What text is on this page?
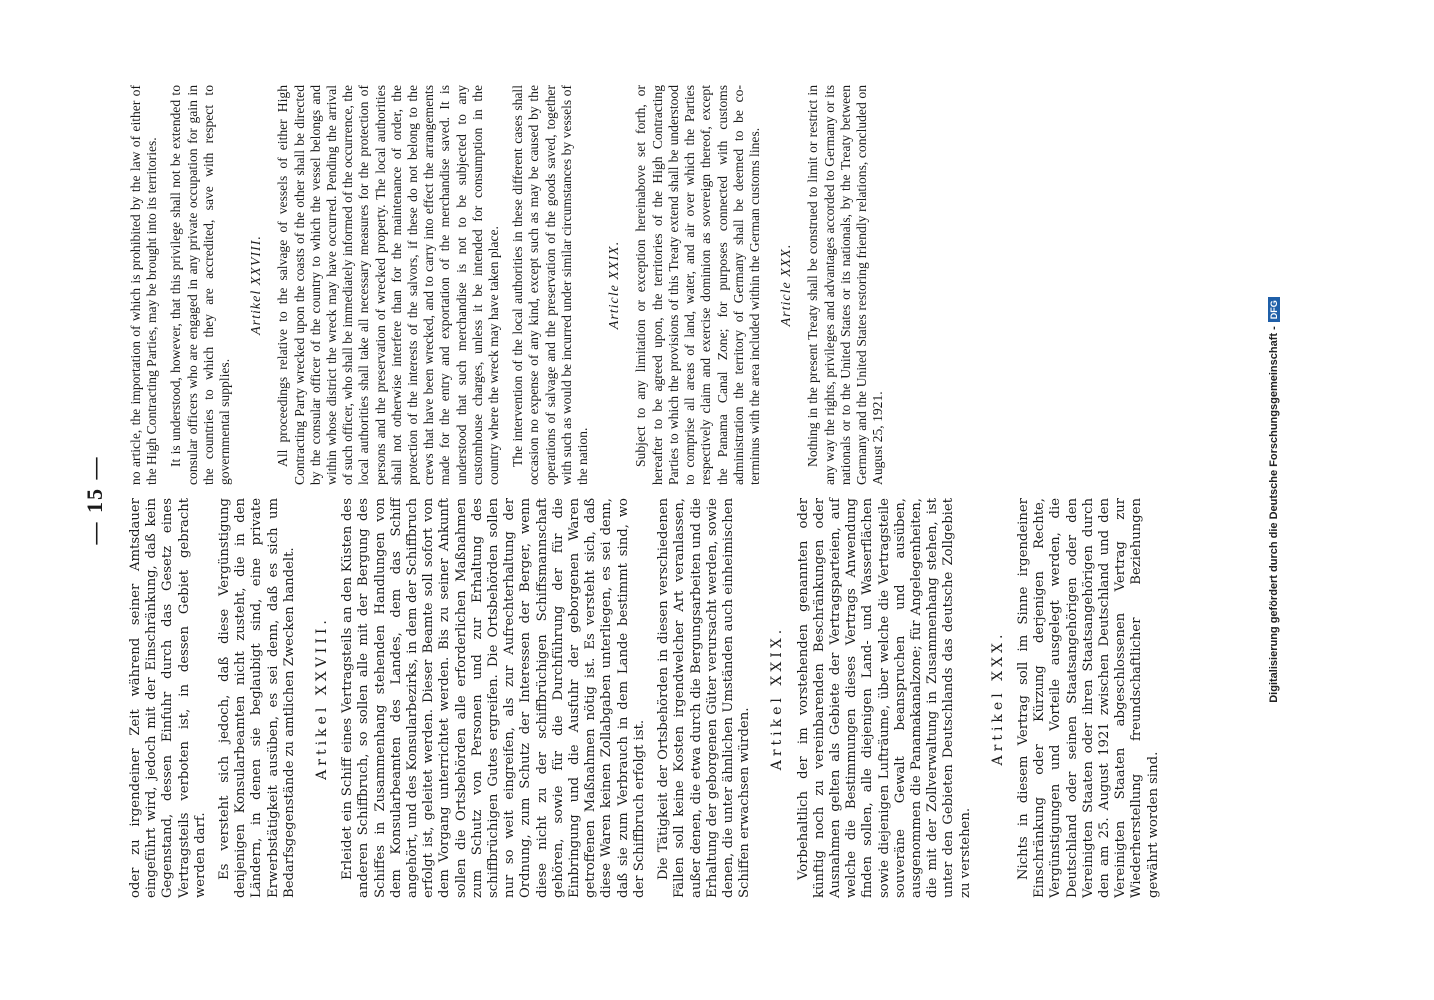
— 15 — oder zu irgendeiner Zeit während seiner Amtsdauer eingeführt wird, jedoch mit der Einschränkung, daß kein Gegenstand, dessen Einfuhr durch das Gesetz eines Vertragsteils verboten ist, in dessen Gebiet gebracht werden darf. Es versteht sich jedoch, daß diese Vergünstigung denjenigen Konsularbeamten nicht zusteht, die in den Ländern, in denen sie beglaubigt sind, eine private Erwerbstätigkeit ausüben, es sei denn, daß es sich um Bedarfsgegenstände zu amtlichen Zwecken handelt. Artikel XXVIII. Erleidet ein Schiff eines Vertragsteils an den Küsten des anderen Schiffbruch, so sollen alle mit der Bergung des Schiffes in Zusammenhang stehenden Handlungen von dem Konsularbeamten des Landes, dem das Schiff angehört, und des Konsularbezirks, in dem der Schiffbruch erfolgt ist, geleitet werden. Dieser Beamte soll sofort von dem Vorgang unterrichtet werden. Bis zu seiner Ankunft sollen die Ortsbehörden alle erforderlichen Maßnahmen zum Schutz von Personen und zur Erhaltung des schiffbrüchigen Gutes ergreifen. Die Ortsbehörden sollen nur so weit eingreifen, als zur Aufrechterhaltung der Ordnung, zum Schutz der Interessen der Berger, wenn diese nicht zu der schiffbrüchigen Schiffsmannschaft gehören, sowie für die Durchführung der für die Einbringung und die Ausfuhr der geborgenen Waren getroffenen Maßnahmen nötig ist. Es versteht sich, daß diese Waren keinen Zollabgaben unterliegen, es sei denn, daß sie zum Verbrauch in dem Lande bestimmt sind, wo der Schiffbruch erfolgt ist. Die Tätigkeit der Ortsbehörden in diesen verschiedenen Fällen soll keine Kosten irgendwelcher Art veranlassen, außer denen, die etwa durch die Bergungsarbeiten und die Erhaltung der geborgenen Güter verursacht werden, sowie denen, die unter ähnlichen Umständen auch einheimischen Schiffen erwachsen würden.

Artikel XXIX. Vorbehaltlich der im vorstehenden genannten oder künftig noch zu vereinbarenden Beschränkungen oder Ausnahmen gelten als Gebiete der Vertragsparteien, auf welche die Bestimmungen dieses Vertrags Anwendung finden sollen, alle diejenigen Land- und Wasserflächen sowie diejenigen Lufträume, über welche die Vertragsteile souveräne Gewalt beanspruchen und ausüben, ausgenommen die Panamakanalzone; für Angelegenheiten, die mit der Zollverwaltung in Zusammenhang stehen, ist unter den Gebieten Deutschlands das deutsche Zollgebiet zu verstehen.

Artikel XXX. Nichts in diesem Vertrag soll im Sinne irgendeiner Einschränkung oder Kürzung derjenigen Rechte, Vergünstigungen und Vorteile ausgelegt werden, die Deutschland oder seinen Staatsangehörigen oder den Vereinigten Staaten oder ihren Staatsangehörigen durch den am 25. August 1921 zwischen Deutschland und den Vereinigten Staaten abgeschlossenen Vertrag zur Wiederherstellung freundschaftlicher Beziehungen gewährt worden sind.

no article, the importation of which is prohibited by the law of either of the High Contracting Parties, may be brought into its territories. It is understood, however, that this privilege shall not be extended to consular officers who are engaged in any private occupation for gain in the countries to which they are accredited, save with respect to governmental supplies.

Artikel XXVIII. All proceedings relative to the salvage of vessels of either High Contracting Party wrecked upon the coasts of the other shall be directed by the consular officer of the country to which the vessel belongs and within whose district the wreck may have occurred. Pending the arrival of such officer, who shall be immediately informed of the occurrence, the local authorities shall take all necessary measures for the protection of persons and the preservation of wrecked property. The local authorities shall not otherwise interfere than for the maintenance of order, the protection of the interests of the salvors, if these do not belong to the crews that have been wrecked, and to carry into effect the arrangements made for the entry and exportation of the merchandise saved. It is understood that such merchandise is not to be subjected to any customhouse charges, unless it be intended for consumption in the country where the wreck may have taken place. The intervention of the local authorities in these different cases shall occasion no expense of any kind, except such as may be caused by the operations of salvage and the preservation of the goods saved, together with such as would be incurred under similar circumstances by vessels of the nation.

Article XXIX. Subject to any limitation or exception hereinabove set forth, or hereafter to be agreed upon, the territories of the High Contracting Parties to which the provisions of this Treaty extend shall be understood to comprise all areas of land, water, and air over which the Parties respectively claim and exercise dominion as sovereign thereof, except the Panama Canal Zone; for purposes connected with customs administration the territory of Germany shall be deemed to be co-terminus with the area included within the German customs lines. Article XXX. Nothing in the present Treaty shall be construed to limit or restrict in any way the rights, privileges and advantages accorded to Germany or its nationals or to the United States or its nationals, by the Treaty between Germany and the United States restoring friendly relations, concluded on August 25, 1921.	Digitalisierung gefördert durch die Deutsche Forschungsgemeinschaft -DFG
